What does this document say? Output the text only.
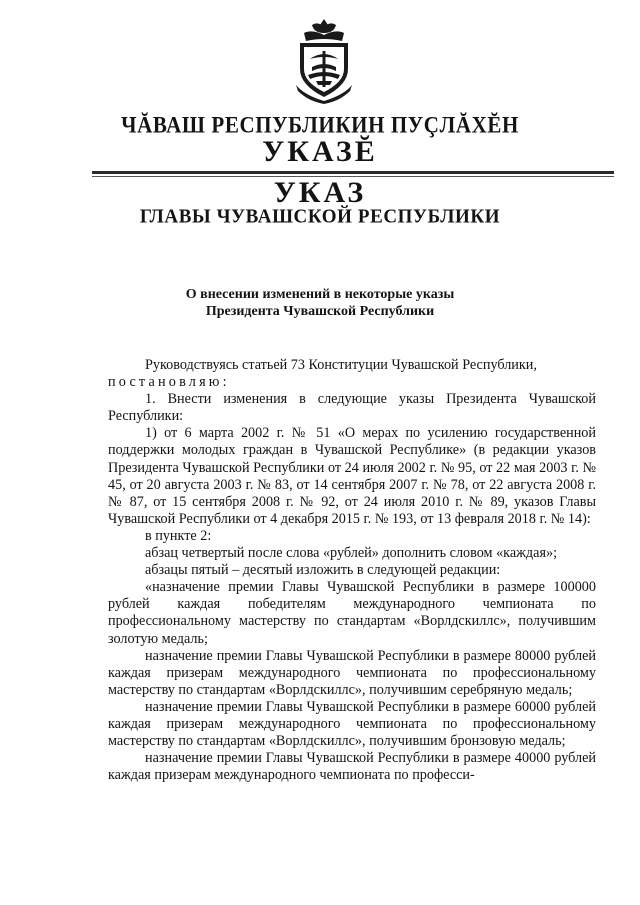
ЧĂВАШ РЕСПУБЛИКИН ПУÇЛĂХĔН
УКАЗĔ
УКАЗ
ГЛАВЫ ЧУВАШСКОЙ РЕСПУБЛИКИ
О внесении изменений в некоторые указы
Президента Чувашской Республики

Руководствуясь статьей 73 Конституции Чувашской Республики,

постановляю:

1. Внести изменения в следующие указы Президента Чувашской Республики:

1) от 6 марта 2002 г. № 51 «О мерах по усилению государственной поддержки молодых граждан в Чувашской Республике» (в редакции указов Президента Чувашской Республики от 24 июля 2002 г. № 95, от 22 мая 2003 г. № 45, от 20 августа 2003 г. № 83, от 14 сентября 2007 г. № 78, от 22 августа 2008 г. № 87, от 15 сентября 2008 г. № 92, от 24 июля 2010 г. № 89, указов Главы Чувашской Республики от 4 декабря 2015 г. № 193, от 13 февраля 2018 г. № 14):

в пункте 2:

абзац четвертый после слова «рублей» дополнить словом «каждая»;

абзацы пятый – десятый изложить в следующей редакции:

«назначение премии Главы Чувашской Республики в размере 100000 рублей каждая победителям международного чемпионата по профессиональному мастерству по стандартам «Ворлдскиллс», получившим золотую медаль;

назначение премии Главы Чувашской Республики в размере 80000 рублей каждая призерам международного чемпионата по профессиональному мастерству по стандартам «Ворлдскиллс», получившим серебряную медаль;

назначение премии Главы Чувашской Республики в размере 60000 рублей каждая призерам международного чемпионата по профессиональному мастерству по стандартам «Ворлдскиллс», получившим бронзовую медаль;

назначение премии Главы Чувашской Республики в размере 40000 рублей каждая призерам международного чемпионата по професси-
